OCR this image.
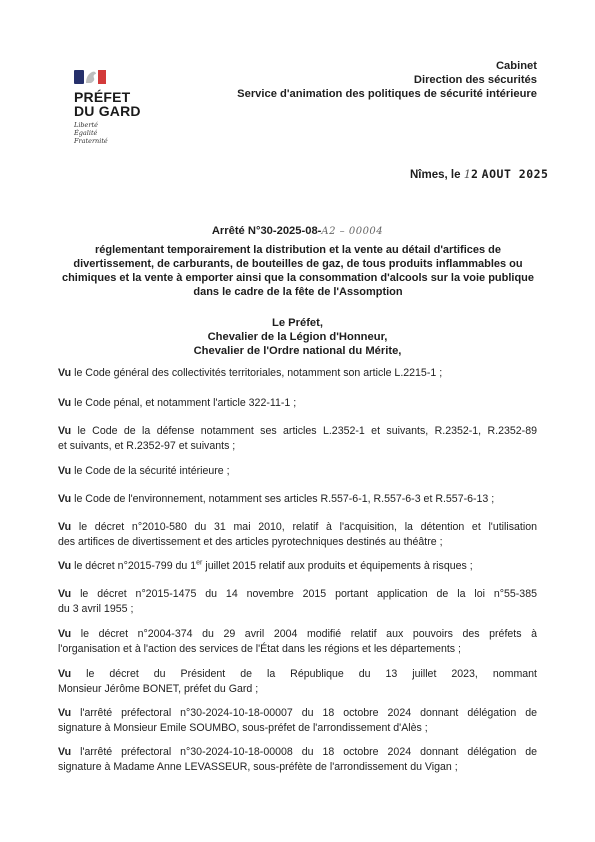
PRÉFET
DU GARD
Liberté
Égalité
Fraternité
Cabinet
Direction des sécurités
Service d'animation des politiques de sécurité intérieure
Nîmes, le 12 AOUT 2025
Arrêté N°30-2025-08-A2 – 00004
réglementant temporairement la distribution et la vente au détail d'artifices de
divertissement, de carburants, de bouteilles de gaz, de tous produits inflammables ou
chimiques et la vente à emporter ainsi que la consommation d'alcools sur la voie publique
dans le cadre de la fête de l'Assomption
Le Préfet,
Chevalier de la Légion d'Honneur,
Chevalier de l'Ordre national du Mérite,
Vu le Code général des collectivités territoriales, notamment son article L.2215-1 ;
Vu le Code pénal, et notamment l'article 322-11-1 ;
Vu le Code de la défense notamment ses articles L.2352-1 et suivants, R.2352-1, R.2352-89
et suivants, et R.2352-97 et suivants ;
Vu le Code de la sécurité intérieure ;
Vu le Code de l'environnement, notamment ses articles R.557-6-1, R.557-6-3 et R.557-6-13 ;
Vu le décret n°2010-580 du 31 mai 2010, relatif à l'acquisition, la détention et l'utilisation
des artifices de divertissement et des articles pyrotechniques destinés au théâtre ;
Vu le décret n°2015-799 du 1er juillet 2015 relatif aux produits et équipements à risques ;
Vu le décret n°2015-1475 du 14 novembre 2015 portant application de la loi n°55-385
du 3 avril 1955 ;
Vu le décret n°2004-374 du 29 avril 2004 modifié relatif aux pouvoirs des préfets à
l'organisation et à l'action des services de l'État dans les régions et les départements ;
Vu le décret du Président de la République du 13 juillet 2023, nommant
Monsieur Jérôme BONET, préfet du Gard ;
Vu l'arrêté préfectoral n°30-2024-10-18-00007 du 18 octobre 2024 donnant délégation de
signature à Monsieur Emile SOUMBO, sous-préfet de l'arrondissement d'Alès ;
Vu l'arrêté préfectoral n°30-2024-10-18-00008 du 18 octobre 2024 donnant délégation de
signature à Madame Anne LEVASSEUR, sous-préfète de l'arrondissement du Vigan ;
